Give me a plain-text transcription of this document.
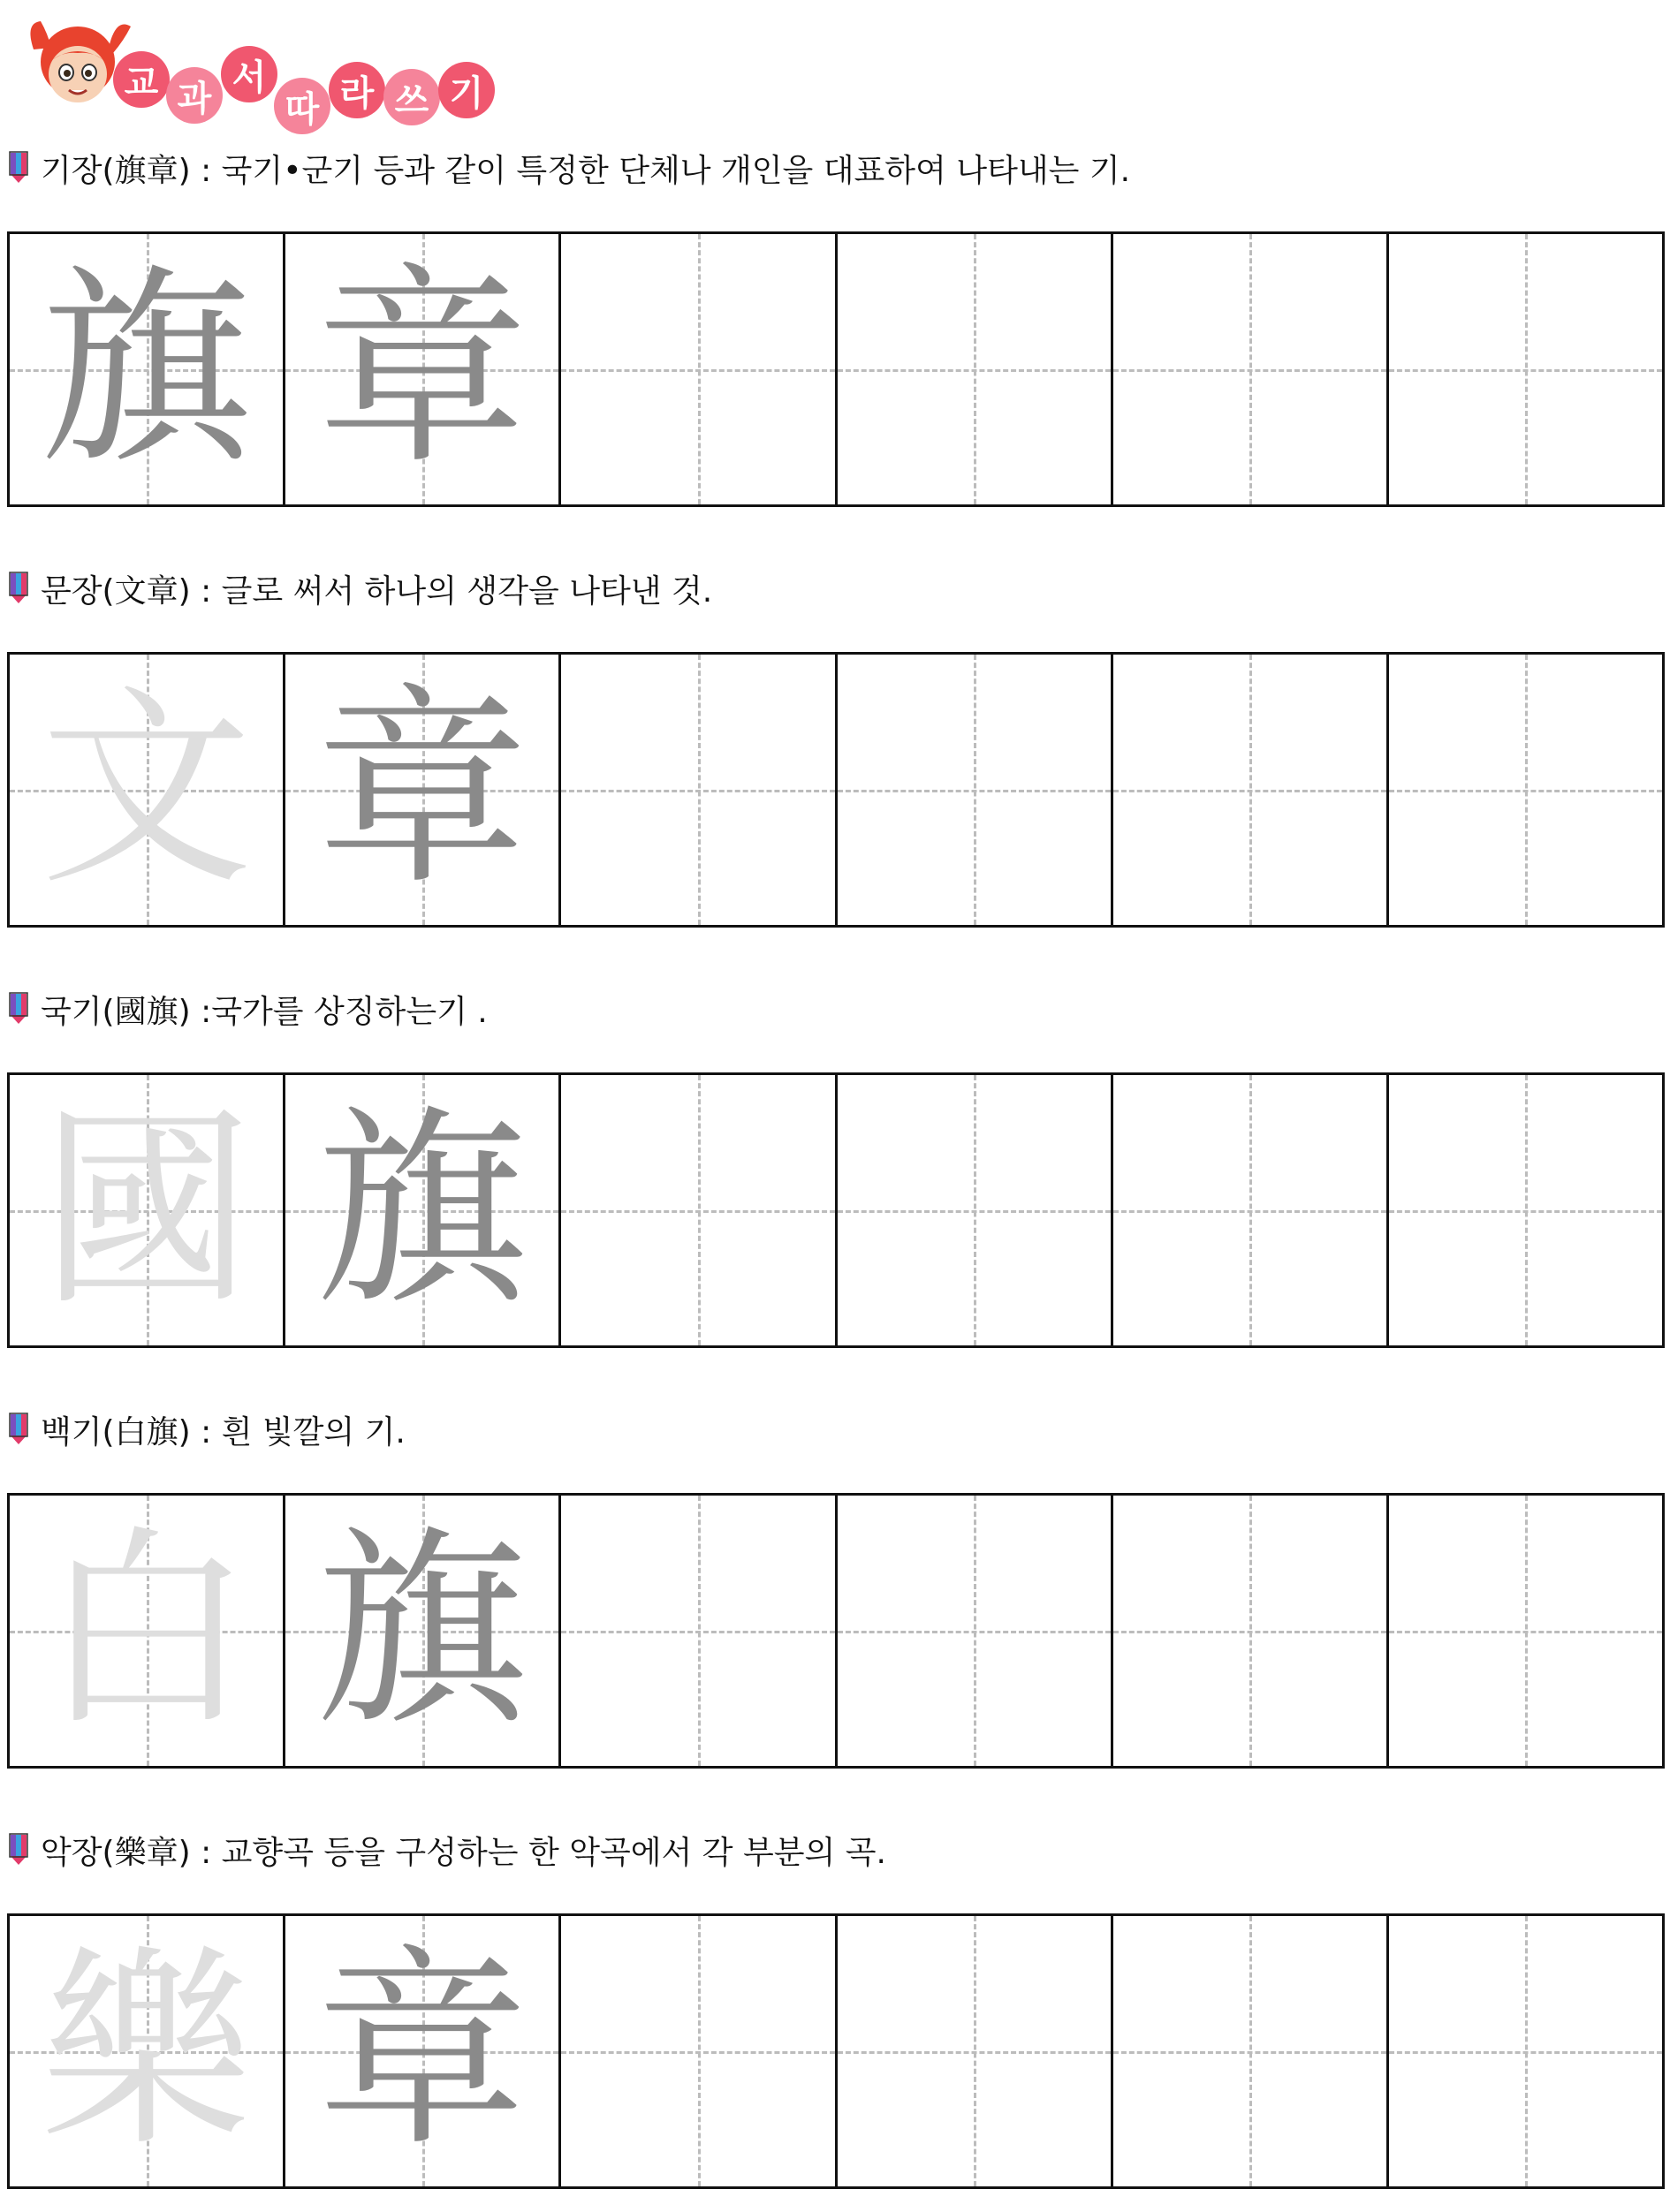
교 과
서
따 라 쓰 기
기장(旗章) : 국기•군기 등과 같이 특정한 단체나 개인을 대표하여 나타내는 기.
旗 章
문장(文章) : 글로 써서 하나의 생각을 나타낸 것.
文 章
국기(國旗) :국가를 상징하는기 .
國 旗
백기(白旗) : 흰 빛깔의 기.
白 旗
악장(樂章) : 교향곡 등을 구성하는 한 악곡에서 각 부분의 곡.
樂 章
